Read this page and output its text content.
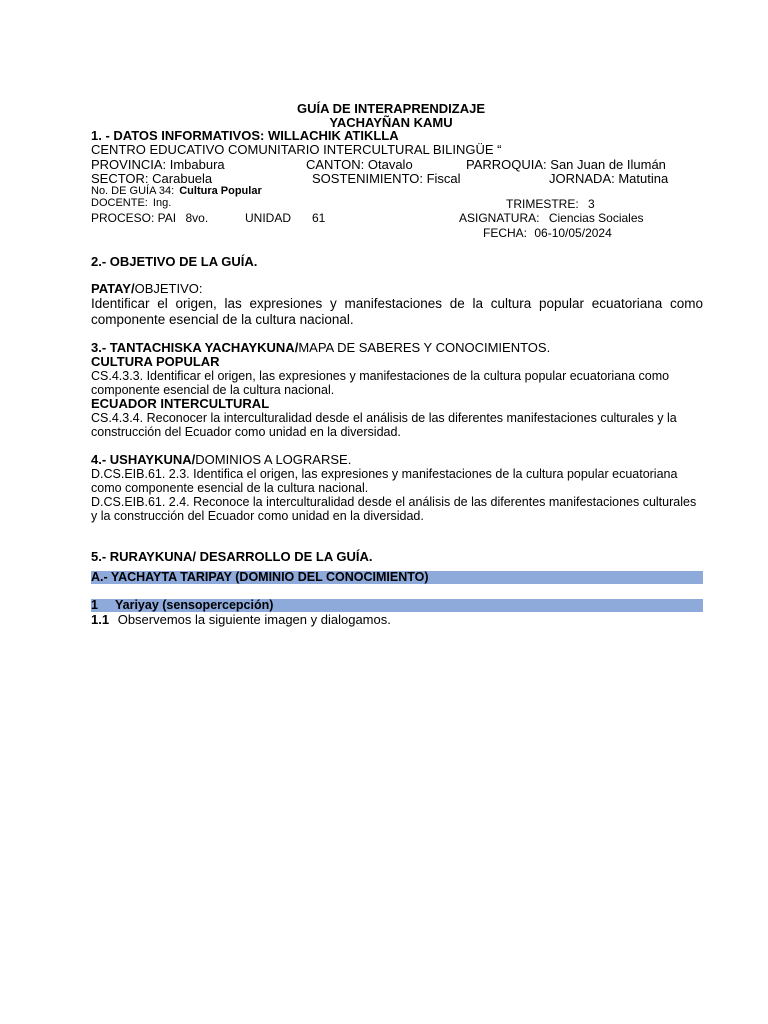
GUÍA DE INTERAPRENDIZAJE
YACHAYÑAN KAMU
1. - DATOS INFORMATIVOS: WILLACHIK ATIKLLA
CENTRO EDUCATIVO COMUNITARIO INTERCULTURAL BILINGÜE “
PROVINCIA: Imbabura	CANTON: Otavalo	PARROQUIA: San Juan de Ilumán
SECTOR: Carabuela	SOSTENIMIENTO: Fiscal	JORNADA: Matutina
No. DE GUÍA 34: Cultura Popular
DOCENTE: Ing.	TRIMESTRE: 3
PROCESO: PAI 8vo.	UNIDAD 61	ASIGNATURA: Ciencias Sociales
FECHA: 06-10/05/2024
2.- OBJETIVO DE LA GUÍA.
PATAY/OBJETIVO:
Identificar el origen, las expresiones y manifestaciones de la cultura popular ecuatoriana como componente esencial de la cultura nacional.
3.- TANTACHISKA YACHAYKUNA/MAPA DE SABERES Y CONOCIMIENTOS.
CULTURA POPULAR
CS.4.3.3. Identificar el origen, las expresiones y manifestaciones de la cultura popular ecuatoriana como componente esencial de la cultura nacional.
ECUADOR INTERCULTURAL
CS.4.3.4. Reconocer la interculturalidad desde el análisis de las diferentes manifestaciones culturales y la construcción del Ecuador como unidad en la diversidad.
4.- USHAYKUNA/DOMINIOS A LOGRARSE.
D.CS.EIB.61. 2.3. Identifica el origen, las expresiones y manifestaciones de la cultura popular ecuatoriana como componente esencial de la cultura nacional.
D.CS.EIB.61. 2.4. Reconoce la interculturalidad desde el análisis de las diferentes manifestaciones culturales y la construcción del Ecuador como unidad en la diversidad.
5.- RURAYKUNA/ DESARROLLO DE LA GUÍA.
A.- YACHAYTA TARIPAY (DOMINIO DEL CONOCIMIENTO)
1 Yariyay (sensopercepción)
1.1 Observemos la siguiente imagen y dialogamos.
